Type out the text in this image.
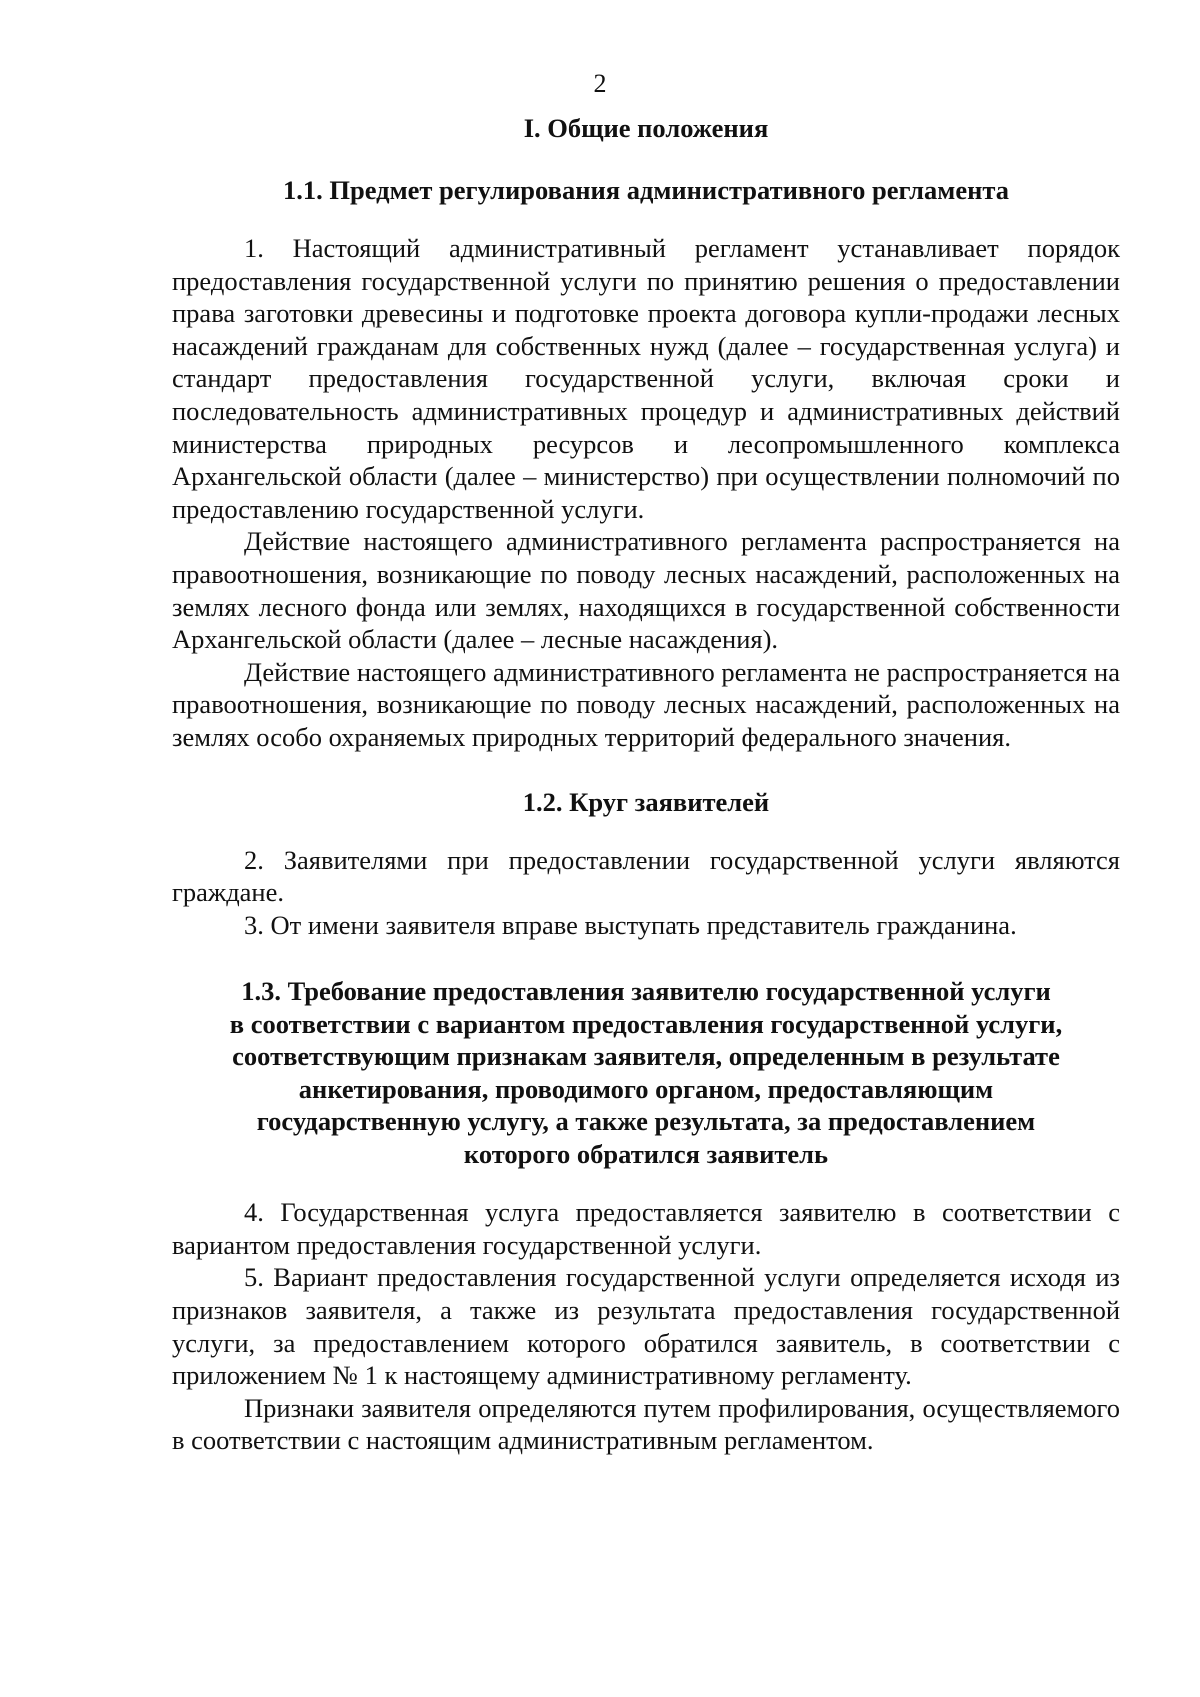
2
I. Общие положения
1.1. Предмет регулирования административного регламента

1. Настоящий административный регламент устанавливает порядок предоставления государственной услуги по принятию решения о предоставлении права заготовки древесины и подготовке проекта договора купли-продажи лесных насаждений гражданам для собственных нужд (далее – государственная услуга) и стандарт предоставления государственной услуги, включая сроки и последовательность административных процедур и административных действий министерства природных ресурсов и лесопромышленного комплекса Архангельской области (далее – министерство) при осуществлении полномочий по предоставлению государственной услуги.

Действие настоящего административного регламента распространяется на правоотношения, возникающие по поводу лесных насаждений, расположенных на землях лесного фонда или землях, находящихся в государственной собственности Архангельской области (далее – лесные насаждения).

Действие настоящего административного регламента не распространяется на правоотношения, возникающие по поводу лесных насаждений, расположенных на землях особо охраняемых природных территорий федерального значения.

1.2. Круг заявителей

2. Заявителями при предоставлении государственной услуги являются граждане.

3. От имени заявителя вправе выступать представитель гражданина.

1.3. Требование предоставления заявителю государственной услуги
в соответствии с вариантом предоставления государственной услуги,
соответствующим признакам заявителя, определенным в результате
анкетирования, проводимого органом, предоставляющим
государственную услугу, а также результата, за предоставлением
которого обратился заявитель

4. Государственная услуга предоставляется заявителю в соответствии с вариантом предоставления государственной услуги.

5. Вариант предоставления государственной услуги определяется исходя из признаков заявителя, а также из результата предоставления государственной услуги, за предоставлением которого обратился заявитель, в соответствии с приложением № 1 к настоящему административному регламенту.

Признаки заявителя определяются путем профилирования, осуществляемого в соответствии с настоящим административным регламентом.
